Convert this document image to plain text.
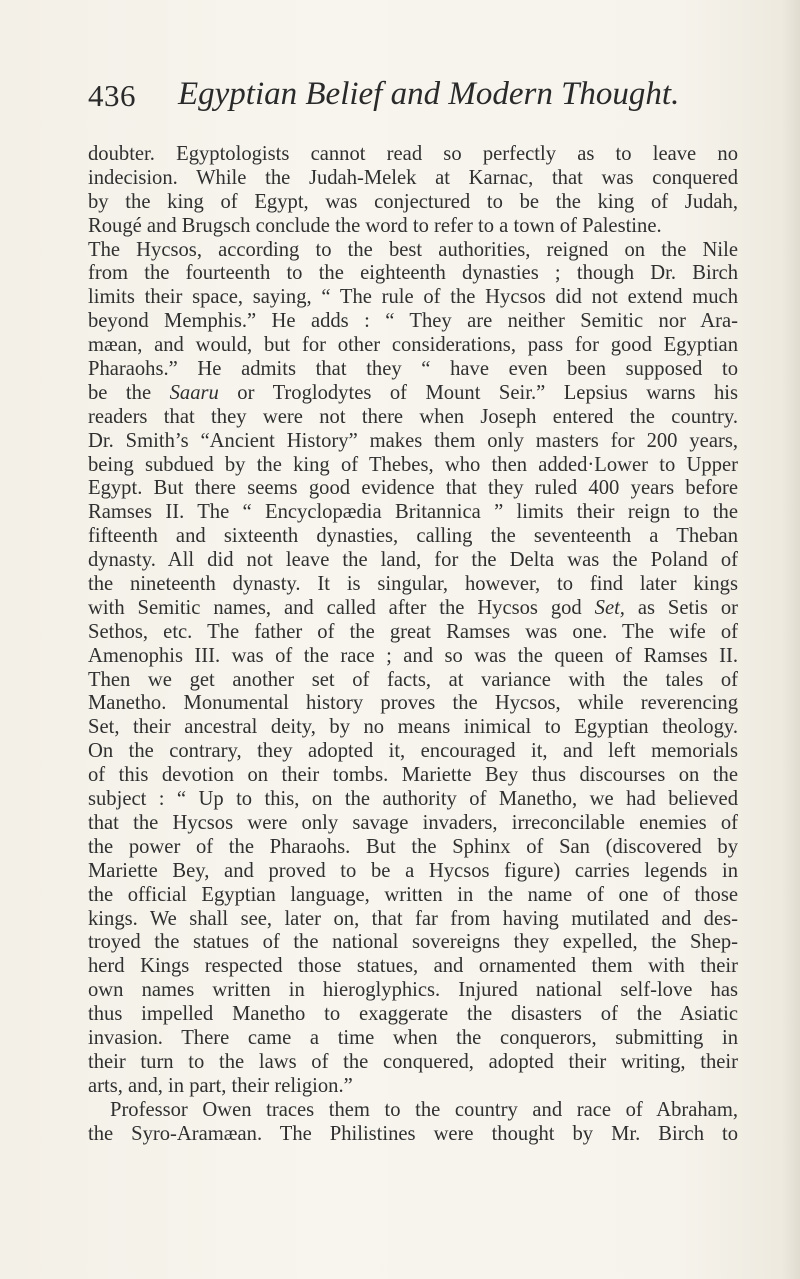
436 Egyptian Belief and Modern Thought.
doubter. Egyptologists cannot read so perfectly as to leave no
indecision. While the Judah-Melek at Karnac, that was conquered
by the king of Egypt, was conjectured to be the king of Judah,
Rougé and Brugsch conclude the word to refer to a town of Palestine.
The Hycsos, according to the best authorities, reigned on the Nile
from the fourteenth to the eighteenth dynasties ; though Dr. Birch
limits their space, saying, “ The rule of the Hycsos did not extend much
beyond Memphis.” He adds : “ They are neither Semitic nor Ara-
mæan, and would, but for other considerations, pass for good Egyptian
Pharaohs.” He admits that they “ have even been supposed to
be the Saaru or Troglodytes of Mount Seir.” Lepsius warns his
readers that they were not there when Joseph entered the country.
Dr. Smith’s “Ancient History” makes them only masters for 200 years,
being subdued by the king of Thebes, who then added·Lower to Upper
Egypt. But there seems good evidence that they ruled 400 years before
Ramses II. The “ Encyclopædia Britannica ” limits their reign to the
fifteenth and sixteenth dynasties, calling the seventeenth a Theban
dynasty. All did not leave the land, for the Delta was the Poland of
the nineteenth dynasty. It is singular, however, to find later kings
with Semitic names, and called after the Hycsos god Set, as Setis or
Sethos, etc. The father of the great Ramses was one. The wife of
Amenophis III. was of the race ; and so was the queen of Ramses II.
Then we get another set of facts, at variance with the tales of
Manetho. Monumental history proves the Hycsos, while reverencing
Set, their ancestral deity, by no means inimical to Egyptian theology.
On the contrary, they adopted it, encouraged it, and left memorials
of this devotion on their tombs. Mariette Bey thus discourses on the
subject : “ Up to this, on the authority of Manetho, we had believed
that the Hycsos were only savage invaders, irreconcilable enemies of
the power of the Pharaohs. But the Sphinx of San (discovered by
Mariette Bey, and proved to be a Hycsos figure) carries legends in
the official Egyptian language, written in the name of one of those
kings. We shall see, later on, that far from having mutilated and des-
troyed the statues of the national sovereigns they expelled, the Shep-
herd Kings respected those statues, and ornamented them with their
own names written in hieroglyphics. Injured national self-love has
thus impelled Manetho to exaggerate the disasters of the Asiatic
invasion. There came a time when the conquerors, submitting in
their turn to the laws of the conquered, adopted their writing, their
arts, and, in part, their religion.”
Professor Owen traces them to the country and race of Abraham,
the Syro-Aramæan. The Philistines were thought by Mr. Birch to
